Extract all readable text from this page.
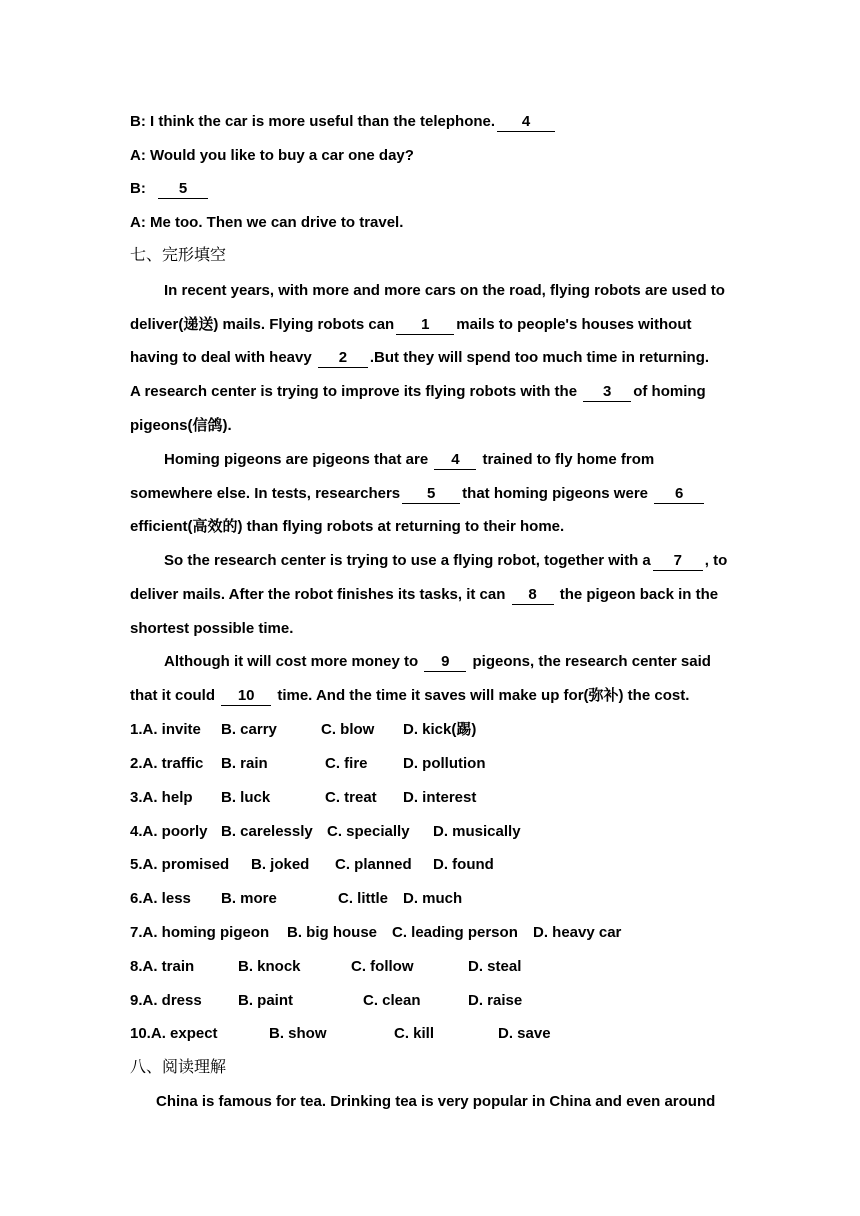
B: I think the car is more useful than the telephone. 4
A: Would you like to buy a car one day?
B: 5
A: Me too. Then we can drive to travel.
七、完形填空
In recent years, with more and more cars on the road, flying robots are used to
deliver(递送) mails. Flying robots can 1 mails to people's houses without
having to deal with heavy 2 .But they will spend too much time in returning.
A research center is trying to improve its flying robots with the 3 of homing
pigeons(信鸽).
Homing pigeons are pigeons that are 4 trained to fly home from
somewhere else. In tests, researchers 5 that homing pigeons were 6
efficient(高效的) than flying robots at returning to their home.
So the research center is trying to use a flying robot, together with a 7 , to
deliver mails. After the robot finishes its tasks, it can 8 the pigeon back in the
shortest possible time.
Although it will cost more money to 9 pigeons, the research center said
that it could 10 time. And the time it saves will make up for(弥补) the cost.
1.A. invite B. carry	C. blow D. kick(踢)
2.A. traffic B. rain	C. fire D. pollution
3.A. help B. luck	C. treat D. interest
4.A. poorly B. carelessly C. specially D. musically
5.A. promised B. joked C. planned D. found
6.A. less B. more	C. little D. much
7.A. homing pigeon B. big house C. leading person D. heavy car
8.A. train	B. knock	C. follow	D. steal
9.A. dress B. paint	C. clean	D. raise
10.A. expect	B. show	C. kill	D. save
八、阅读理解
China is famous for tea. Drinking tea is very popular in China and even around
